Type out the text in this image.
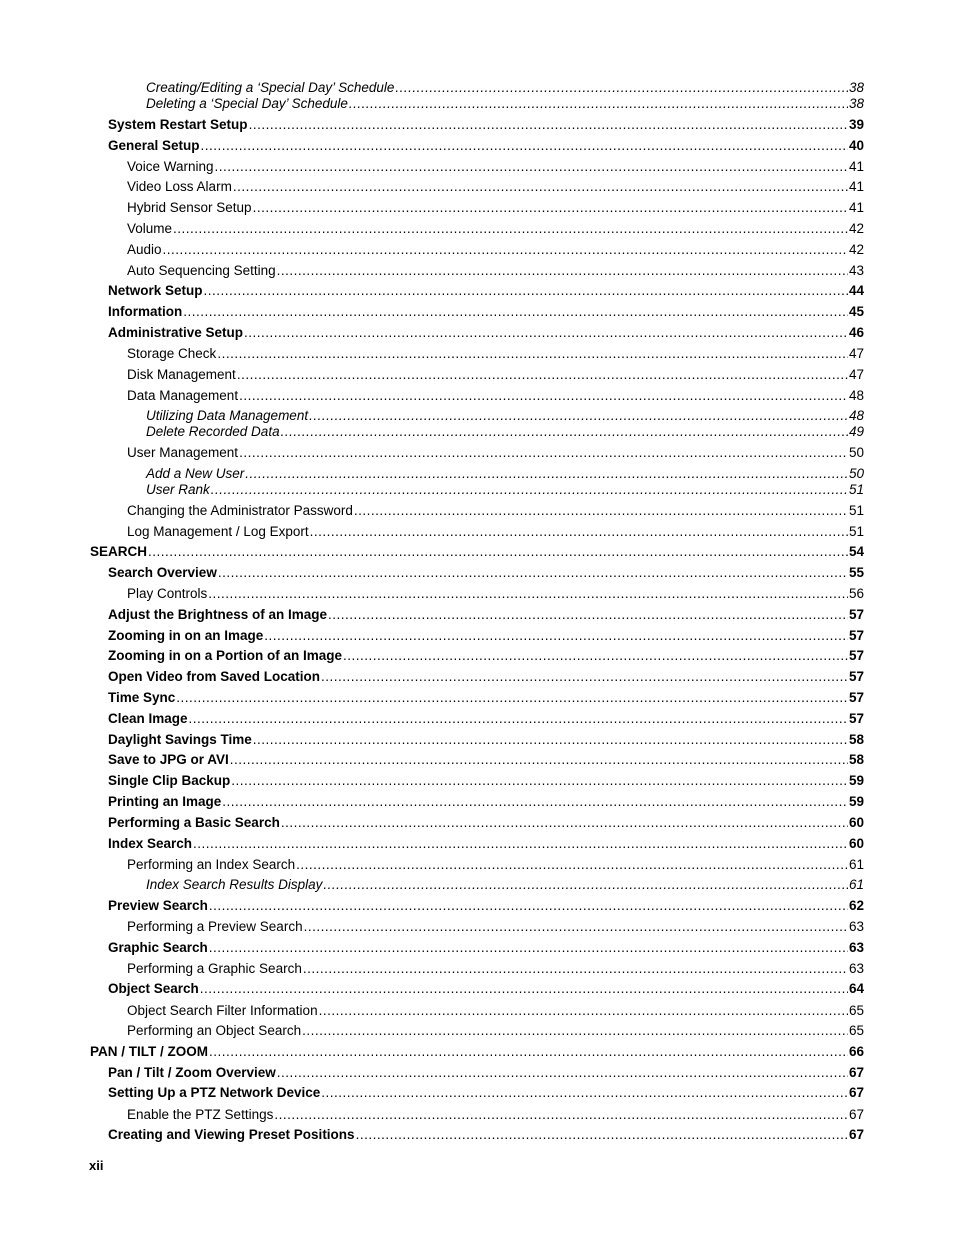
Creating/Editing a ‘Special Day’ Schedule .....	38
Deleting a ‘Special Day’ Schedule .....	38
System Restart Setup .....	39
General Setup .....	40
Voice Warning .....	41
Video Loss Alarm .....	41
Hybrid Sensor Setup .....	41
Volume .....	42
Audio .....	42
Auto Sequencing Setting .....	43
Network Setup .....	44
Information .....	45
Administrative Setup .....	46
Storage Check .....	47
Disk Management .....	47
Data Management .....	48
Utilizing Data Management .....	48
Delete Recorded Data .....	49
User Management .....	50
Add a New User .....	50
User Rank .....	51
Changing the Administrator Password .....	51
Log Management / Log Export .....	51
SEARCH .....	54
Search Overview .....	55
Play Controls .....	56
Adjust the Brightness of an Image .....	57
Zooming in on an Image .....	57
Zooming in on a Portion of an Image .....	57
Open Video from Saved Location .....	57
Time Sync .....	57
Clean Image .....	57
Daylight Savings Time .....	58
Save to JPG or AVI .....	58
Single Clip Backup .....	59
Printing an Image .....	59
Performing a Basic Search .....	60
Index Search .....	60
Performing an Index Search .....	61
Index Search Results Display .....	61
Preview Search .....	62
Performing a Preview Search .....	63
Graphic Search .....	63
Performing a Graphic Search .....	63
Object Search .....	64
Object Search Filter Information .....	65
Performing an Object Search .....	65
PAN / TILT / ZOOM .....	66
Pan / Tilt / Zoom Overview .....	67
Setting Up a PTZ Network Device .....	67
Enable the PTZ Settings .....	67
Creating and Viewing Preset Positions .....	67
xii
